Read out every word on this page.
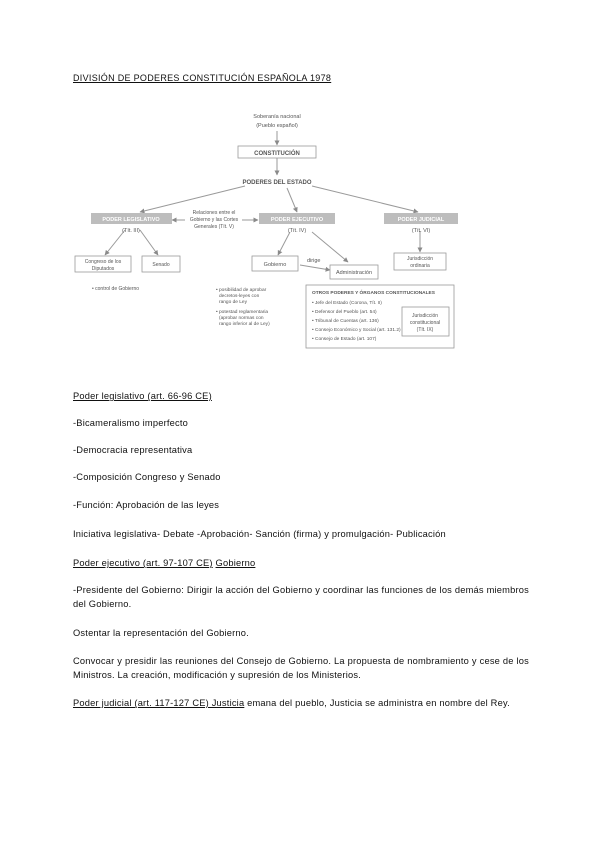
DIVISIÓN DE PODERES CONSTITUCIÓN ESPAÑOLA 1978
Soberanía nacional
(Pueblo español)
CONSTITUCIÓN
PODERES DEL ESTADO
PODER LEGISLATIVO
(Tít. III)
Relaciones entre el
Gobierno y las Cortes
Generales (Tít. V)
PODER EJECUTIVO
(Tít. IV)
PODER JUDICIAL
(Tít. VI)
Congreso de los
Diputados
Senado	Gobierno
dirige
Administración
Jurisdicción
ordinaria
• control de Gobierno	• posibilidad de aprobar
decretos-leyes con
rango de Ley
• potestad reglamentaria
(aprobar normas con
rango inferior al de Ley)
OTROS PODERES Y ÓRGANOS CONSTITUCIONALES
• Jefe del Estado (Corona, Tít. II)
• Defensor del Pueblo (art. 54)
• Tribunal de Cuentas (art. 136)
• Consejo Económico y Social (art. 131.2)
• Consejo de Estado (art. 107)
Jurisdicción
constitucional
(Tít. IX)

Poder legislativo (art. 66-96 CE)

-Bicameralismo imperfecto

-Democracia representativa

-Composición Congreso y Senado

-Función: Aprobación de las leyes

Iniciativa legislativa- Debate -Aprobación- Sanción (firma) y promulgación- Publicación

Poder ejecutivo (art. 97-107 CE) Gobierno

-Presidente del Gobierno: Dirigir la acción del Gobierno y coordinar las funciones de los demás miembros del Gobierno.

Ostentar la representación del Gobierno.

Convocar y presidir las reuniones del Consejo de Gobierno. La propuesta de nombramiento y cese de los Ministros. La creación, modificación y supresión de los Ministerios.

Poder judicial (art. 117-127 CE) Justicia emana del pueblo, Justicia se administra en nombre del Rey.
